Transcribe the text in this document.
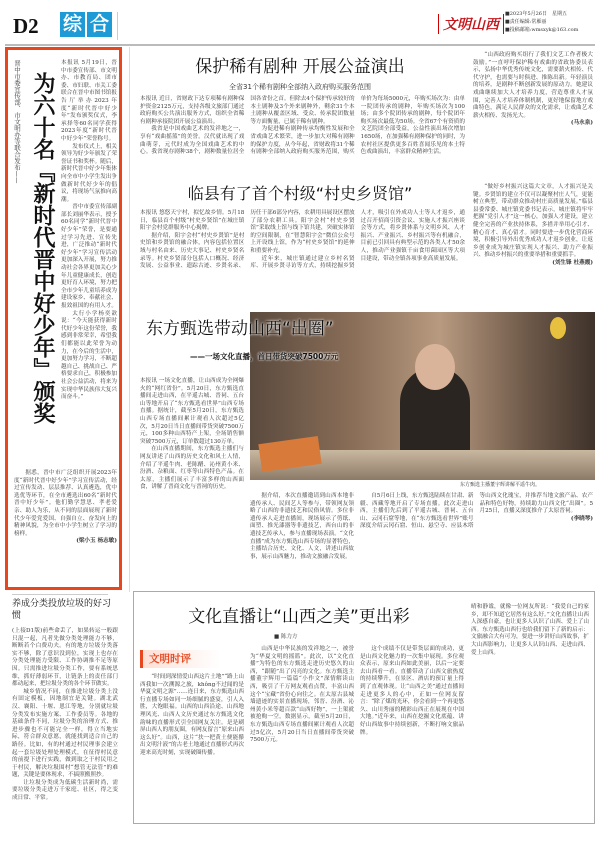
D2 综 合	文明山西
■2023年5月26日　星期五
■责任编辑:常雁丽
■投稿邮箱:wmsxyk@163.com
晋中市委宣传部、市文明办等联合发布—— 为六十名『新时代晋中好少年』颁奖

本报讯 5月19日，晋中市委宣传部、市文明办、市教育局、团市委、市妇联、市关工委联合在晋中市图书馆报告厅举办2023年度“新时代晋中好少年”发布颁奖仪式，李承择等60名同学获得2023年度“新时代晋中好少年”荣誉称号。

发布仪式上，相关领导为好少年颁发了荣誉证书和奖杯。随后，新时代晋中好少年集体向全市中小学生发出争做新时代好少年的倡议，将现场气氛推向高潮。

晋中市委宣传部副部长刘丽华表示，授予60名同学“新时代晋中好少年”荣誉，是要通过学习先进、宣传先进，广泛推动“新时代好少年”学习宣传活动更加深入开展，努力推动社会各界更加关心少年儿童健康成长，创造更好育人环境，努力把全市少年儿童培养成为建设家乡、奉献社会、报效祖国的有用人才。

太行小学杨奕歆说：“今天能获得新时代好少年这份荣誉，我感到非常荣幸，希望我们都能以此荣誉为动力，在今后的生活中，更加努力学习，不断超越自己、挑战自己、严格要求自己，积极参加社会公益活动，将来为实现中华民族伟大复兴而奋斗。”

据悉，晋中市广泛组织开展2023年度“新时代晋中好少年”学习宣传活动，经过宣传发动、层层推荐、认真遴选，优中选优等环节，在全市遴选出60名“新时代晋中好少年”。他们勤学慧思、孝老爱亲、助人为乐，从不同的层面展现了新时代少年爱党爱国、自强自立、奋发向上的精神风貌，为全市中小学生树立了学习的榜样。

(梁小玉 杨志敏)

养成分类投放垃圾的好习惯

(上接D1版)前些命丢了，如果转运一般跟只混一起，凡者先做分类处理能力不够，断断若个白费功夫。有的地方垃圾分类落实不够，除了意识没到位，实现上也存在分类处理能力受限、工作协调推不足等原因。只需推进垃圾分类工作，要有系统思维，抓好薄弱环节，让链条上的责任部门都动起来，把垃圾分类的各个环节做实。

城乡情况不同，在推进垃圾分类上没有固定模板，因地制宜是关键。湖北武汉、襄阳、十堰、恩江等地，分别就垃圾分类发布实施方案、工作委员等。各地的基础条件不同，垃圾分类的治理方式、推进步骤也不可能完全一样，得立当地实际，符合群众意愿，就能找到适合自己的路径。比如，有的村通过村民理事会建立起一套垃圾处理处理模式，在征得村民意的前提下进行实践，做到取之于村民用之于村民，解决垃圾围村“想管无法管”的难题，关键是要体现求，不搞照搬照抄。

让垃圾分类成为低碳生活新时尚，需要垃圾分类走进万千家庭、社区，得之变成日常、平常。

保护稀有剧种 开展公益演出
全省31个稀有剧种全部纳入政府购买服务范围

本报讯 近日，省财政下达专项稀有剧种保护资金2125万元，支持各级文旅部门通过政府购买公共演出服务方式，组织全省稀有剧种承接院团开展公益演出。

我省是中国戏曲艺术的发祥地之一，享有“戏曲摇篮”的美誉。汉代就出现了戏曲萌芽，元代时成为全国戏曲艺术的中心。我省现存剧种38个，剧种数量位居全国各省份之首。但除去4个保护传承较好的本土剧种及3个外来剧种外，剩余31个本土剧种从覆盖区域、受众、传承院团数量等方面衡量，已属于稀有剧种。

为促进稀有剧种传承均衡性发展和全省戏曲艺术繁荣，进一步加大对稀有剧种的保护力度，从今年起，省财政将31个稀有剧种全部纳入政府购买服务范围，购买单价为每场5000元，年购买场次为：由单一院团传承的剧种，年购买场次为100场；由多个院团传承的剧种，每个院团年购买场次最低为50场。全省67个有资质的文艺院团全部受益，公益性演出场次增加1650场，在加强稀有剧种保护的同时，为农村社区提供更多百姓喜闻乐见的本土特色戏曲演出，丰富群众精神生活。

“山西政府购买组行了我们文艺工作者极大鼓励。”一直呼吁保护稀有戏曲的省政协委员表示，弘扬中华优秀传统文化，需要薪火相传、代代守护，也需要与时俱进、推陈出新。年轻演员的培养，是剧种不断创新发展的原动力。她建议戏曲继续加大人才培养力度，营造尊重人才氛围，完善人才培养体制机制，更好地保留地方戏曲特色，满足人民群众的文化需求，让戏曲艺术薪火相传、发扬光大。

(马永泉)

临县有了首个村级“村史乡贤馆”

本报讯 悠悠天宁村，拟忆故乡情。5月18日，临县首个村级“村史乡贤馆”在城庄镇阳宇会村党群服务中心揭牌。

据介绍，阳宇会村“村史乡贤馆”是村史馆和乡贤馆的融合体，内容包括位置区域与村名由来、历史大事记、村史乡贤名录等。村史乡贤部分包括人口概况、经济发展、公益事业、遗踪古迹、乡贤名录、历任干部6部分内容，农耕用具展设区摆放了部分农耕工具。阳宇会村“村史乡贤馆”采取线上馆与线下馆共建，突破实体馆的空间限制，在“智慧阳宇会”微信公众号上开设线上馆，作为“村史乡贤馆”的延伸和重要补充。

近年来，城庄镇通过建立乡村名贤库、开展乡贤寻访等方式，持续挖掘乡贤人才，吸引在外成功人士等人才返乡，通过召开招商引资会议、实施人才振兴座谈会等方式，将乡贤体系与文明乡风、人才振兴、产业振兴、乡村振兴等有机融合，目前已引回具有典型示范的各类人才50余人，推动产业强镇千亩食用菌园区等大项目建设，带动全镇各项事业高质量发展。

“做好乡村振兴这篇大文章，人才振兴是关键。乡贤馆的建立不仅可以凝聚村庄人气，更能树立典型，带动群众推动村庄高质量发展。”临县县委常委、城庄镇党委书记表示，城庄镇将牢牢把握“党引人才”这一核心，加强人才建设，建立健全完善的产业扶持体系，多措并举用心引才、精心育才、真心留才。同时要进一步优化营商环境，积极引导外出优秀成功人才返乡创业，让返乡创业成为城庄镇实现人才振兴、助力产业振兴、推动乡村振兴的重要举措和重要抓手。

(刘生锋 杜燕霞)

东方甄选带动山西“出圈”
——一场文化直播，首日带货突破7500万元

本报讯 一场文化直播，让山西成为全网爆火的“网红省份”。5月20日，东方甄选直播间走进山西，在平遥古城、晋祠、五台山等地开启了“东方甄选看世界”山西专场直播。据统计，截至5月20日，东方甄选山西专场直播间累计观看人次超过5亿次，5月20日当日直播间带货突破7500万元，100多种山西特产上架，全场销售额突破7500万元，订单数超过130万单。

在山西直播期间，东方甄选主播们与网友讲述了山西的历史文化和风土人情，介绍了平遥牛肉、老陈醋、沁州黄小米、汾酒、杂粮面、红枣等山西特色产品。在太原，主播们展示了丰富多样的山西面食，讲解了晋商文化与晋祠的历史。	东方甄选主播董宇辉讲解平遥牛肉。

据介绍，本次直播邀请到山西本地非遗传承人、民间艺人等参与，带领网友领略了山西的非遗技艺和民俗风情。多位非遗传承人走进直播间，现场展示了剪纸、面塑、推光漆器等非遗技艺，西台山的非遗技艺传承人，参与直播现场表演。“文化直播”成为东方甄选山西专场的显著特色，主播结合历史、文化、人文，讲述山西故事，展示山西魅力，推动文旅融合发展。

自5月6日上线，东方甄选陆续在甘肃、新疆、西藏等地开启了专场直播。此次走进山西，主播们先后到了平遥古城、晋祠、五台山、云冈石窟等地，在“东方甄选看世界”账号深度介绍云冈石窟、恒山、悬空寺、应县木塔等山西文化瑰宝，并推荐当地文旅产品、农产品和特色好物，持续助力山西文化“出圈”。5月25日，直播又深度推介了太原晋祠。

(李晓琴)

文化直播让“山西之美”更出彩
■ 陈力方
文明时评

“时间到深情爱山西这片土地”“路上山西我如一次溯源之旅，không不过闻的是华夏文明之源”……连日来，东方甄选山西行直播专场如同一场细腻的盛宴，引人入胜，大饱眼福。山西的山西沿途、山西地理风光、山西人文历史通过东方甄选文化韵味的直播形式引全国网友关注。是是刷屏山西人的朋友圈，有网友留言“原来山西这么好”。山西，这片“扶一把黄土便能攥出文明汁液”的古老土地通过直播形式再次迎来高光时刻，实现破圈传播。

山西是中华民族的发祥地之一，被誉为“华夏文明的摇篮”。此次，以“文化直播”为特色的东方甄选走进历史悠久的山西，“跟随”出了闪亮的文化。东方甄选主播董宇辉用一篇篇“小作文”深情解读山西，吸引了千万网友观看点赞，丰富山西这个“宝藏”省份心向往之。在太原古县城墙遗迹的实景直播现场，邻晋、汾酒、沁州黄小米等超百款“山西好物”，一上架就被抢购一空。数据显示，截至5月20日，东方甄选山西专场直播间累计观看人次超过5亿次，5月20日当日直播间带货突破7500万元。

这个成绩不仅是带货层面的成功，更是山西文化魅力的一次集中展现。多位观众表示，原来山西如此美丽，以后一定要去山西看一看。直播带动了山西文旅热度的持续攀升，在景区、酒店的预订量上得到了直观体现。让“山西之美”通过直播间走进更多人的心中，正如一位网友留言：“除了煤的光环，你会看到一个再更悠久、山川秀丽的精彩山西正在展现在中国大地。”近年来，山西在挖掘文化底蕴、讲好山西故事中持续创新，不断打响文旅品牌。

晴和静谧，就像一位网友所说：“我爱自己的家乡，却不知道它居然有这么好。”文化直播让山西人深感自豪，也让更多人认识了山西、爱上了山西。东方甄选山西行也给我们留下了新的启示：文旅融合大有可为，要进一步讲好山西故事，扩大山西影响力，让更多人认识山西、走进山西、爱上山西。
